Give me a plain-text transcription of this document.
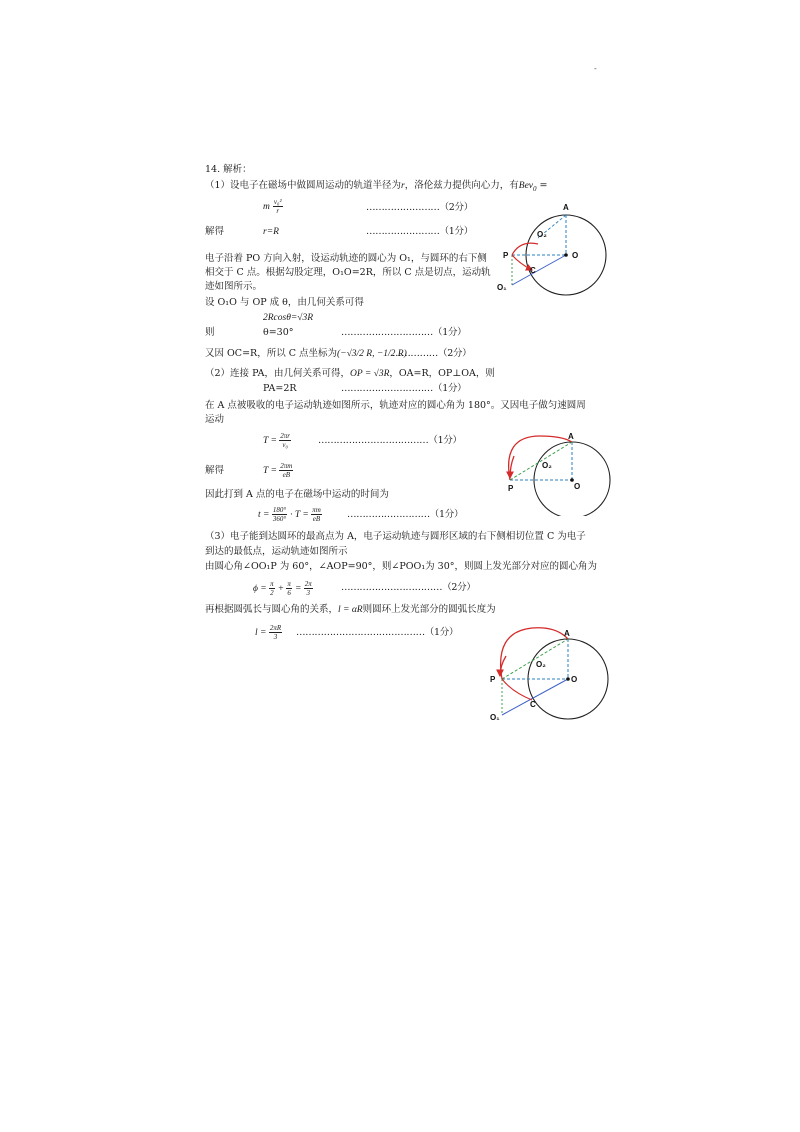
-
14. 解析：
（1）设电子在磁场中做圆周运动的轨道半径为r，洛伦兹力提供向心力，有Bev$_0$ =
m $\frac{\text{v₀²}}{r}$	……………………（2分）
解得	r=R	……………………（1分）
电子沿着 PO 方向入射，设运动轨迹的圆心为 O₁，与圆环的右下侧
相交于 C 点。根据勾股定理，O₁O=2R，所以 C 点是切点，运动轨
迹如图所示。
设 O₁O 与 OP 成 θ，由几何关系可得
2Rcosθ=√3R
则	θ=30°	…………………………（1分）
又因 OC=R，所以 C 点坐标为(−√3/2 R, −1/2 R)
……………（2分）
（2）连接 PA，由几何关系可得，OP = √3R，OA=R，OP⊥OA，则
PA=2R	…………………………（1分）
在 A 点被吸收的电子运动轨迹如图所示，轨迹对应的圆心角为 180°。又因电子做匀速圆周
运动
$T = \frac{2\pi r}{\text{v₀}}$	………………………………（1分）
解得	$T = \frac{2\pi m}{eB}$
因此打到 A 点的电子在磁场中运动的时间为
$t = \frac{180^\circ}{360^\circ} \cdot T = \frac{\pi m}{eB}$	………………………（1分）
（3）电子能到达圆环的最高点为 A，电子运动轨迹与圆形区域的右下侧相切位置 C 为电子
到达的最低点，运动轨迹如图所示
由圆心角∠OO₁P 为 60°，∠AOP=90°，则∠POO₁为 30°，则圆上发光部分对应的圆心角为
$\phi = \frac{\pi}{2} + \frac{\pi}{6} = \frac{2\pi}{3}$	……………………………（2分）
再根据圆弧长与圆心角的关系，l = αR则圆环上发光部分的圆弧长度为
$l = \frac{2\pi R}{3}$ ……………………………………（1分）
A
O
O₂
P
C
O₁
A
O
O₂
P
A
O
O₂
P
C
O₁
